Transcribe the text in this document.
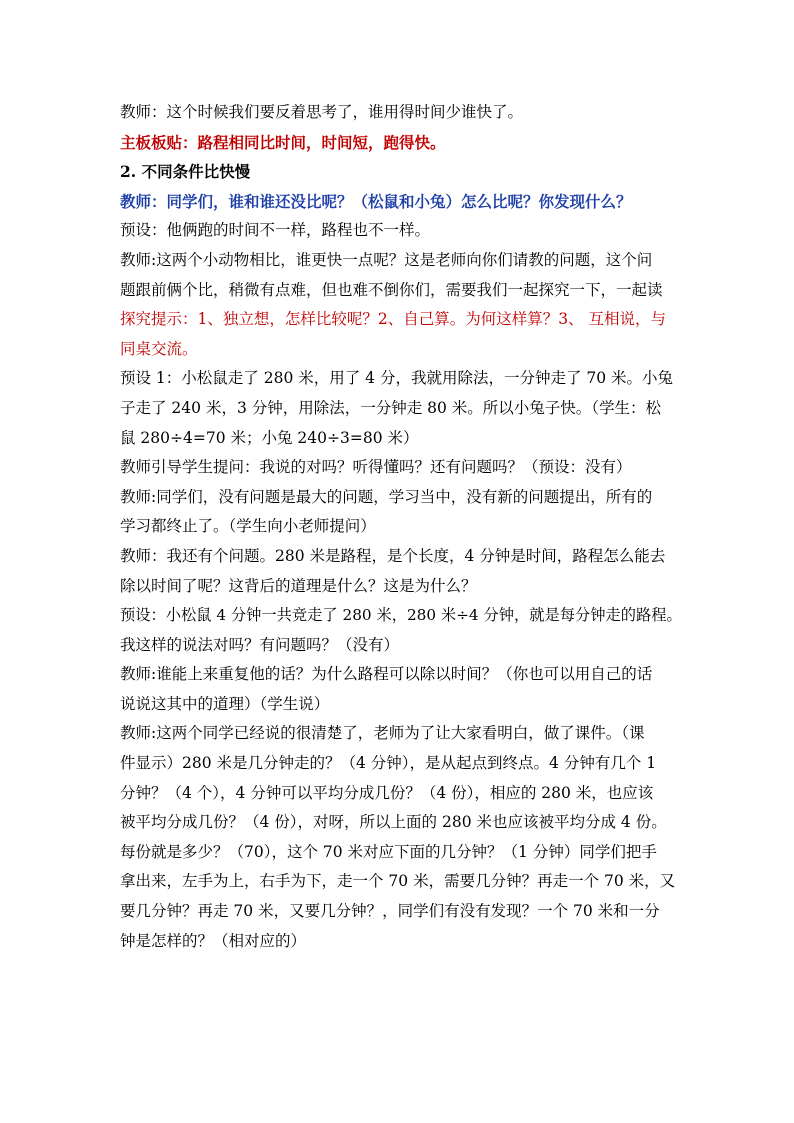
教师：这个时候我们要反着思考了，谁用得时间少谁快了。
主板板贴：路程相同比时间，时间短，跑得快。
2. 不同条件比快慢
教师：同学们，谁和谁还没比呢？（松鼠和小兔）怎么比呢？你发现什么？
预设：他俩跑的时间不一样，路程也不一样。
教师:这两个小动物相比，谁更快一点呢？这是老师向你们请教的问题，这个问
题跟前俩个比，稍微有点难，但也难不倒你们，需要我们一起探究一下，一起读
探究提示：1、独立想，怎样比较呢？2、自己算。为何这样算？3、 互相说，与
同桌交流。
预设 1：小松鼠走了 280 米，用了 4 分，我就用除法，一分钟走了 70 米。小兔
子走了 240 米，3 分钟，用除法，一分钟走 80 米。所以小兔子快。（学生：松
鼠 280÷4=70 米；小兔 240÷3=80 米）
教师引导学生提问：我说的对吗？听得懂吗？还有问题吗？（预设：没有）
教师:同学们，没有问题是最大的问题，学习当中，没有新的问题提出，所有的
学习都终止了。（学生向小老师提问）
教师：我还有个问题。280 米是路程，是个长度，4 分钟是时间，路程怎么能去
除以时间了呢？这背后的道理是什么？这是为什么？
预设：小松鼠 4 分钟一共竞走了 280 米，280 米÷4 分钟，就是每分钟走的路程。
我这样的说法对吗？有问题吗？（没有）
教师:谁能上来重复他的话？为什么路程可以除以时间？（你也可以用自己的话
说说这其中的道理）（学生说）
教师:这两个同学已经说的很清楚了，老师为了让大家看明白，做了课件。（课
件显示）280 米是几分钟走的？（4 分钟），是从起点到终点。4 分钟有几个 1
分钟？（4 个），4 分钟可以平均分成几份？（4 份），相应的 280 米，也应该
被平均分成几份？（4 份），对呀，所以上面的 280 米也应该被平均分成 4 份。
每份就是多少？（70），这个 70 米对应下面的几分钟？（1 分钟）同学们把手
拿出来，左手为上，右手为下，走一个 70 米，需要几分钟？再走一个 70 米，又
要几分钟？再走 70 米，又要几分钟？，同学们有没有发现？一个 70 米和一分
钟是怎样的？（相对应的）
